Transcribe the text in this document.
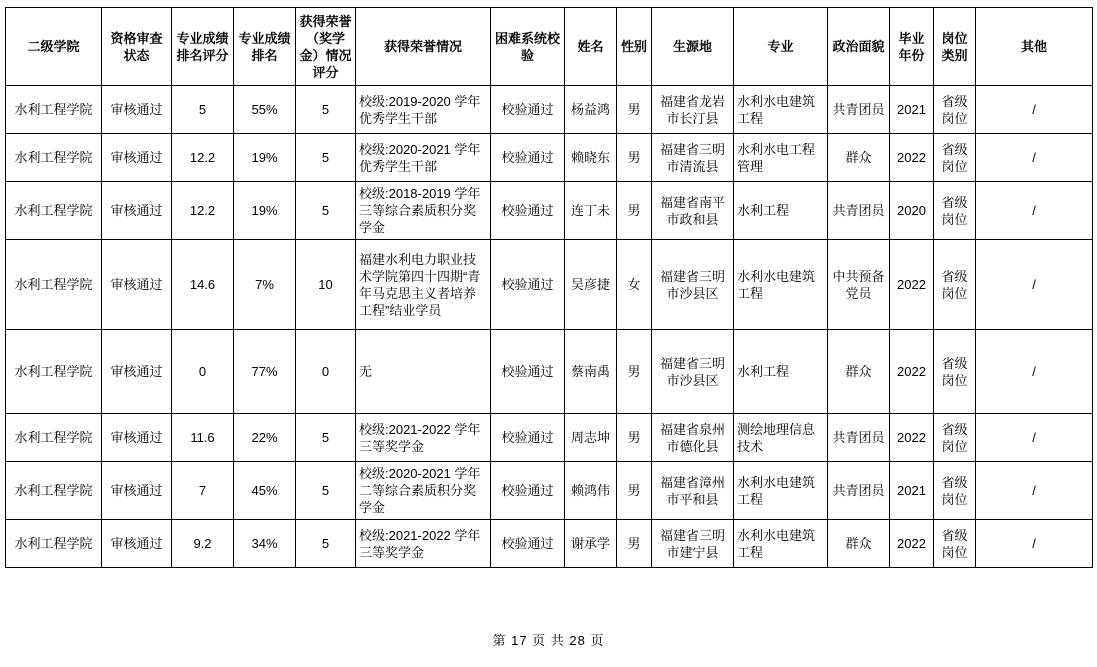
二级学院	资格审查状态	专业成绩排名评分	专业成绩排名	获得荣誉（奖学金）情况评分	获得荣誉情况	困难系统校验	姓名	性别	生源地	专业	政治面貌	毕业年份	岗位类别	其他
水利工程学院	审核通过	5	55%	5	校级:2019-2020 学年优秀学生干部	校验通过	杨益鸿	男	福建省龙岩市长汀县	水利水电建筑工程	共青团员	2021	省级岗位	/
水利工程学院	审核通过	12.2	19%	5	校级:2020-2021 学年优秀学生干部	校验通过	赖晓东	男	福建省三明市清流县	水利水电工程管理	群众	2022	省级岗位	/
水利工程学院	审核通过	12.2	19%	5	校级:2018-2019 学年三等综合素质积分奖学金	校验通过	连丁未	男	福建省南平市政和县	水利工程	共青团员	2020	省级岗位	/
水利工程学院	审核通过	14.6	7%	10	福建水利电力职业技术学院第四十四期“青年马克思主义者培养工程”结业学员	校验通过	吴彦捷	女	福建省三明市沙县区	水利水电建筑工程	中共预备党员	2022	省级岗位	/
水利工程学院	审核通过	0	77%	0	无	校验通过	蔡南禹	男	福建省三明市沙县区	水利工程	群众	2022	省级岗位	/
水利工程学院	审核通过	11.6	22%	5	校级:2021-2022 学年三等奖学金	校验通过	周志坤	男	福建省泉州市德化县	测绘地理信息技术	共青团员	2022	省级岗位	/
水利工程学院	审核通过	7	45%	5	校级:2020-2021 学年二等综合素质积分奖学金	校验通过	赖鸿伟	男	福建省漳州市平和县	水利水电建筑工程	共青团员	2021	省级岗位	/
水利工程学院	审核通过	9.2	34%	5	校级:2021-2022 学年三等奖学金	校验通过	谢承学	男	福建省三明市建宁县	水利水电建筑工程	群众	2022	省级岗位	/
第 17 页 共 28 页
